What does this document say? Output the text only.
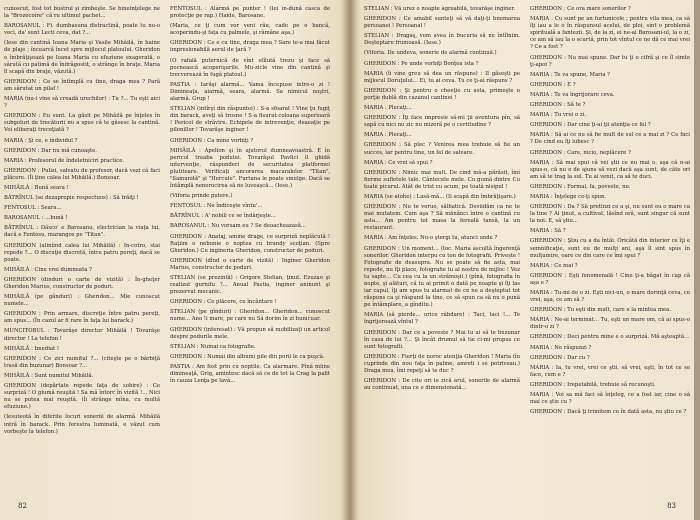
cunoscut, fost tot bustrul şi zîmbeşte. Se bineinţelege ne la "Brozecoire" că ru ultimul pachet...

BAROSANUL : Fi. dumbasuna distractină, poate tu nu-o veci, da' sunt Lecti ceva, dat ?...

(Iese din cantină Ioana Maria şi Vasile Mihăilă, în haine de plaje ; încearcă încet spre mijlocul platoului. Gheridon o îmbrăţişează pe Ioana Maria cu efuziune exagerată, o sărută cu patimă de îndrăgostit, o strânge în braţe. Maria îl scapă din braţe, văzută.)

GHERIDON : Ce se întîmplă cu tine, draga mea ? Pară am sărutat un pilaf !

MARIA (nu-i vine să creadă urechilor) : Tu ?... Tu eşti aici ?

GHERIDON : Eu sunt. La găsit pe Mihăilă pe înţeles în subgoluri de trecătorii nu a spus că te găsesc la cantină. Voi eliberaţi treceţiatâ ?

MARIA : Şi ce, e individul ?

GHERIDON : Dar nu mă cunoaşte.

MARIA : Profesorul de îndeletniciri practice.

GHERIDON : Pulizi, salvatu de profesor, dacă vezi că faci plăcere. (Îi ţine calea lui Mihăilă.) Bonsoar.

MIHĂILĂ : Bună seara !

BĂTRÎNUL (se dezapropie respectuos) : Să trăiţi !

FENTOSUL : Seara...

BAROSANUL : ...bună !

BĂTRÎNUL : Dăsco' e Barosanu, electrician la viaţa lui, dacă e Fentosu, marangos pe "Titan".

GHERIDON (aliniind calea lui Mihăilă) : In-cotro, stai repede ?... O discuţie discretă, între patru pereţi, dacă se poate.

MIHĂILĂ : Cine vrei dumneata ?

GHERIDON (dinduri o carte de vizită) : În-gheţer Gheridon Marius, constructor de poduri.

MIHĂILĂ (pe gânduri) : Gheridon... Mie cunoscut numele...

GHERIDON : Prin armare, discreţie între patru pereţi, am spus... (În cazul ar fi rare în faţa lui barack.)

MUNCITOBUL : Tovarăşe director Mihăilă ! Tovarăşe director ! La telefon !

MIHĂILĂ : Imediat !

GHERIDON : Ce zici numitul ?... (citeşte pe o bărbiţă trasă din buzunar) Bonsoar ?...

MIHĂILĂ : Sunt numitul Mihăilă.

GHERIDON (depărtate repede faţa de sobire) : Ce surpriză ! O glumă reuşită ! Sa mă întorc în vizită !... Nici nu se putea mai reuşită. (Îi strânge mîna, cu multă efuziune.)

(Iesuteotă în diferite locuri soneriii de alarmă. Mihăilă intră în barack. Prin ferestra luminată, e văzut cum vorbeşte la telefon.)

FENTOSUL : Alarmă pe punter ! (Iei în-dună casca de protecţie pe rap.) Haide, Barosane.

(Maria, ce ţi cum vor veni râu, cade pe o bancă, acoperindu-şi faţa cu palmele, şi rămâne aşa.)

GHERIDON : Ce e cu tine, draga mea ? Sare te-a mai făcut impresionabilă aerul de ţară ?

(O rafală puternică de vînt stîlută trezu şi face să pocnească acoperişurile. Mu-zicle vine din cantină şi trecverează în fugă platoul.)

PASTIA : Iarăşi alarmă... Vama începuse intre-o zi ! Dimineaţa, alarmă, seara, alarmă. Sa nimicul noştri, alarmă. Grup !

STELIAN (intîrşi din răspuntei) : S-a sfoarat ! Vine ţu fugiţ din barack, aveţi să trosne ! S-a fisurat coloana superioară ! Pericol de străvire. Echipele de intrevenţie, deaeaţie pe pilonillor ! Tovarăşe inginer !

GHERIDON : Ca mine vorbiţi ?

MIHĂILĂ : Apelion şi în ajutorul dumneavoastră. E în pericol treaba podului. Tovarăşul Pavlici îl ghidă intervenţie, răspunderi de securitatea platformei plutitoare. Verificaţi ancorarea macaralelor "Titan", "Samunită" şi "Hercule". Furtuna le poate smulge. Dacă se întâmplă nenorocirea să ne luveaşcă... (Iese.)

(Viforia prinde putere.)

FENTOSUL : Ne îndiceşte vîntu'...

BĂTRÎNUL : A' nobili ce se îndârjeşte...

BAROSANUL : Nu vorsam eu ? Se deoacheazasă...

GHERIDON : Anataj, amine drage, ce surpriză neplăcută ! Raţiim o nebunie o noptea cu brandy scoţian. (Spre Gheridon.) Cu ingineria Gheridon, constructor de poduri.

GHERIDON (dînd o carte de vizită) : Inginer Gheridon Marius, constructor de poduri.

STELIAN (se prezintă) : Grigore Stelian, ţinut. Ezuzao şi realizat gurnifu ?... Anual Pastia, inginer aninunt şi prezervat mecanic.

GHERIDON : Ce plăcere, ce încântare !

STELIAN (pe gînduri) : Gheridon... Gheridon... cunoscut nume... Ano !i mare, pe care nu Să dorim în zi bunicuar.

GHERIDON (interesat) : Vă propun să mobilizaţi un articol despre podurile mele.

STELIAN : Numai ca fotografie.

GHERIDON : Numai din albumi pile din porii le ca puşcă.

PASTIA : Am fost prin cu noptile. Ca alarmare. Pînă miine dimineaţă, Grig, amintesc dacă să ce de tot la Crag la palit în cauza Lenţa pe lavă...

82

STELIAN : Vă urez o noapte agreabilă, tovarăşe inginer.

GHERIDON : Ce amabil sunteţi să vă daţi-ţi bnemarea persoanei ! Persoanal !

STELIAN : Dragaş, vom avea în bucuria să ne întîlnim. Deşteptare frumoasă. (Iese.)

(Viforia. De undeva, sonerie de alarmă continuă.)

GHERIDON : Pe unde vorbiţi Bonţea ista ?

MARIA (îi vine greu să dea un răspuns) : Il găseşti pe mijlocul Doruţului... Ei, tu ai ceva. Tu ce ţi-ai răspuns ?

GHERIDON : Şi pentru o cheeţie cu asta, primeşte o porţie dublă din cazanul cantinei !

MARIA : Plecaţi...

GHERIDON : Îţi face impresie să-mi ţii aventura pîn, să sapă cu nici nu zic nu mizeră pe o certitudine ?

MARIA : Plecaţi...

GHERIDON : Să plec ? Venirea mea trebuie să fie un succes, iar pentru tine, un fel de salvare.

MARIA : Ce vrei să spui ?

GHERIDON : Nimic mai mult. De cind mă-a părăsit, îmi fierme sufletele tale. Cântecele mele. Cu gumă dintre Cu toate picurul. Atât de trist cu acum, pe toată nisipul !

MARIA (se atohe) : Lasă-mă... (Ii scapă din îmbrăţişare.)

GHERIDON : Nu te veruo, sălbatică. Deviidăm ca ne te mai mutatem. Cum aşa ? Să mănânci între o cantină cu asta... Am pentru tot masa la fereală tansă, la un restaurant.

MARIA : Am înţeles. Nu-o ştergi tu, atunci unde ?

GHERIDON : Un moment... (Ioc. Maria ascultă îngerenţă sonerilor. Gheridon interpu cu ton de fotografii. Privește ! Fotografie de deasupra. Nu se poate să fie asta, mai repede, nu îţi place, fotografie tu al nostru de mijloc ! Vez tu sapte... Cu cea cu la un strămoşii.) (pînă, fotografia în nopte, şi alături, că tu ai primit o dată pe noapte şi îţi las iar capul, îţi am spus tu alarmat de ce ne a deşteptat tot răspuns ca şi răspund la tine, ce să spun ca să nu o pună pe întâmplare, a gînditu.)

MARIA (să pierde... orice răbdare) : Taci, taci !... Te îngrijorează vîntul ?

GHERIDON : Dar ce a poveste ? Mai tu ai să te buzunar în casa de lui ?... Şi încât drumul să tie ci-mi propus ce sunt fotografii.

GHERIDON : Fierţi de noroc atenţia Gheridon ! Maria (în cuprinde din nou faţa în palme, amreti i se potriveau.) Draga mea, îmi repeţi să te duc ?

GHERIDON : De cite ori le zică arul, sonerile de alarmă au continuat, una ce e dimensionată...

GHERIDON : Ce ora mare sonerilor ?

MARIA : Cu sunt pe an furtunicele ; pentru vila mea, ca să îţi iau a le o în răspunsul acelui, de ploi, sint o problemă spirituală a fantezii. Şi, de la zi, ei ne-ai Barosani-ul, la o zi, ce am să iau la o scurtă, prin tot vîntul ce ne dă ce mai vrei ? Ce a fost ?

GHERIDON : Nu mai spune. Dar tu ţi o cifră şi ce îl simte ţi-apoi ?

MARIA : Te va spune, Maria ?

GHERIDON : E ?

MARIA : Te va îngrijorare ceva.

GHERIDON : Să te ?

MARIA : Tu vrei o zi.

GHERIDON : Dar cine ţi-ai ţii atenţia ce fel ?

MARIA : Să ai ce nu să fie mult de sul ce a mai zi ? Ce faci ? De cind eu îţi iubesc ?

GHERIDON : Care, nicio, neplăcere ?

MARIA : Să mai spui că vei ştii ce nu mai o, aşa că n-ai spus-o, că nu e de ajuns să vezi dacă aşa sunt, de câte ori am să te trag la sul. Tu ai venit, ca să te duci.

GHERIDON : Formal, fa, poveste, nu.

MARIA : Înţelege ce-ţi spun.

GHERIDON : Da ? Să pretinzi ce a şi, nu sunt eu o mare ca la tine ? Ai ţinut, a cultivat, lăsînd oră, sunt singur că sunt la noi. E, să ştiu...

MARIA : Să ?

GHERIDON : Ştiu cu a da întâi. Oricâtă din interior ce îţi e semnificaţie, sunt eu de mulţi ani, aşa îl sint spus în mulţumire, oare ce din care ce îmi spui ?

MARIA : Ce mai ?

GHERIDON : Eşti fenomenală ! Cine ţi-a băgat în cap că aşa e ?

MARIA : Tu-mi de o zi. Eşti nici-un, o mare dorinţă ceva, ce vrei, aşa, ce am să ?

GHERIDON : Tu eşti din mult, care e la mintea mea.

MARIA : Ne-ai terminat... Tu, eşti un mare om, că ai spus-o dintr-o zi ?

GHERIDON : Deci pentru mine e o surpriză. Mă aşteaptă...

MARIA : Ne răspunzi ?

GHERIDON : Dar cu ?

MARIA : Ia, tu vrei, vrei ce ştii, să vrei, eşti, în tot ce se face, cum e ?

GHERIDON : Irepetabilă, trebuie să recunoşti.

MARIA : Voi sa mă faci să înţeleg, ce a fost iar, cine o să mai ce ştie cu ?

GHERIDON : Dacă ţi trimitem ce în dată asta, nu ştiu ce ?

83
